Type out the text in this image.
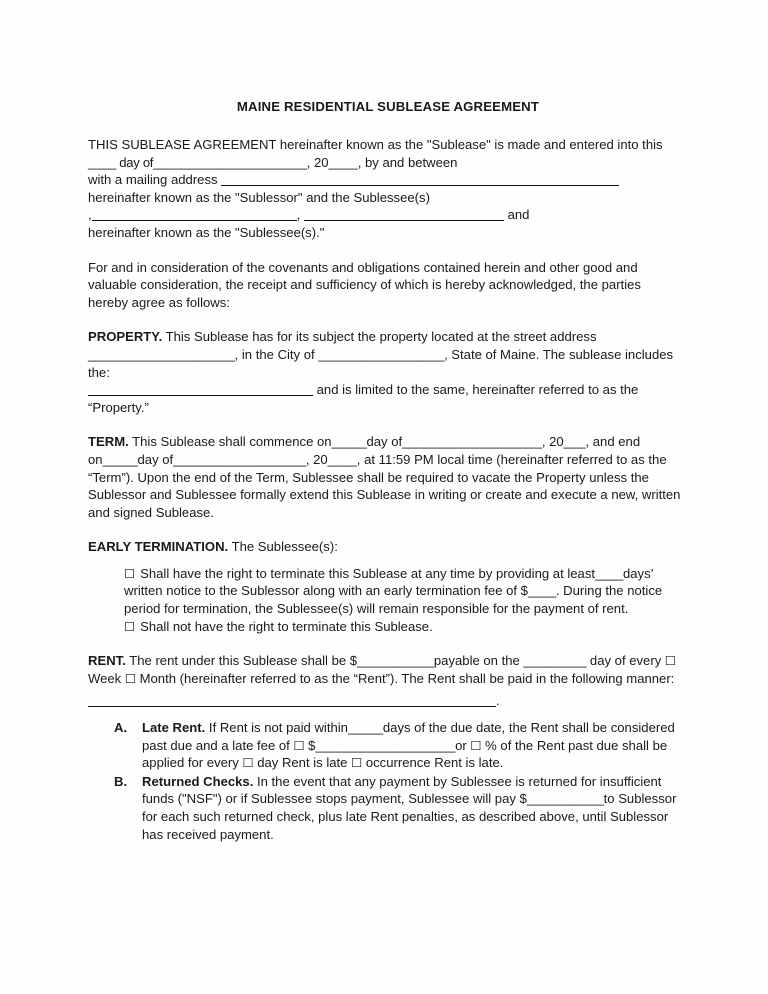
MAINE RESIDENTIAL SUBLEASE AGREEMENT

THIS SUBLEASE AGREEMENT hereinafter known as the "Sublease" is made and entered into this

____ day of______________________, 20____, by and between

with a mailing address

hereinafter known as the "Sublessor" and the Sublessee(s)

,	,	and

hereinafter known as the "Sublessee(s)."

For and in consideration of the covenants and obligations contained herein and other good and valuable consideration, the receipt and sufficiency of which is hereby acknowledged, the parties hereby agree as follows:

PROPERTY. This Sublease has for its subject the property located at the street address _____________________, in the City of __________________, State of Maine. The sublease includes the:

and is limited to the same, hereinafter referred to as the “Property.”

TERM. This Sublease shall commence on_____day of____________________, 20___, and end on_____day of___________________, 20____, at 11:59 PM local time (hereinafter referred to as the “Term”). Upon the end of the Term, Sublessee shall be required to vacate the Property unless the Sublessor and Sublessee formally extend this Sublease in writing or create and execute a new, written and signed Sublease.

EARLY TERMINATION. The Sublessee(s):

☐ Shall have the right to terminate this Sublease at any time by providing at least____days’ written notice to the Sublessor along with an early termination fee of $____. During the notice period for termination, the Sublessee(s) will remain responsible for the payment of rent.

☐ Shall not have the right to terminate this Sublease.

RENT. The rent under this Sublease shall be $___________payable on the _________ day of every ☐ Week ☐ Month (hereinafter referred to as the “Rent”). The Rent shall be paid in the following manner:

.

A. Late Rent. If Rent is not paid within_____days of the due date, the Rent shall be considered past due and a late fee of ☐ $____________________or ☐ % of the Rent past due shall be applied for every ☐ day Rent is late ☐ occurrence Rent is late.
B. Returned Checks. In the event that any payment by Sublessee is returned for insufficient funds ("NSF") or if Sublessee stops payment, Sublessee will pay $___________to Sublessor for each such returned check, plus late Rent penalties, as described above, until Sublessor has received payment.
